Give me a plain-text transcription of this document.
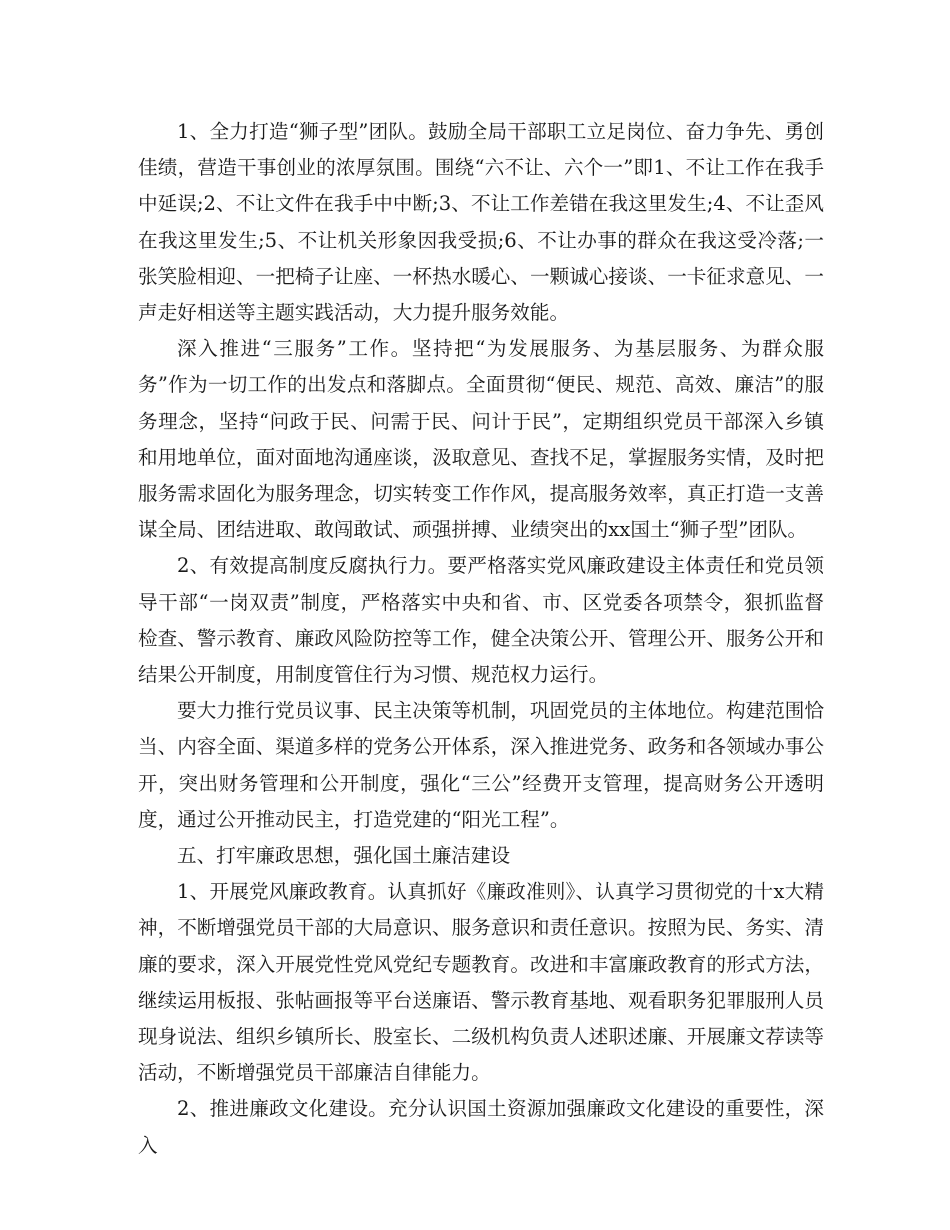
1、全力打造“狮子型”团队。鼓励全局干部职工立足岗位、奋力争先、勇创佳绩，营造干事创业的浓厚氛围。围绕“六不让、六个一”即1、不让工作在我手中延误;2、不让文件在我手中中断;3、不让工作差错在我这里发生;4、不让歪风在我这里发生;5、不让机关形象因我受损;6、不让办事的群众在我这受冷落;一张笑脸相迎、一把椅子让座、一杯热水暖心、一颗诚心接谈、一卡征求意见、一声走好相送等主题实践活动，大力提升服务效能。

深入推进“三服务”工作。坚持把“为发展服务、为基层服务、为群众服务”作为一切工作的出发点和落脚点。全面贯彻“便民、规范、高效、廉洁”的服务理念，坚持“问政于民、问需于民、问计于民”，定期组织党员干部深入乡镇和用地单位，面对面地沟通座谈，汲取意见、查找不足，掌握服务实情，及时把服务需求固化为服务理念，切实转变工作作风，提高服务效率，真正打造一支善谋全局、团结进取、敢闯敢试、顽强拼搏、业绩突出的xx国土“狮子型”团队。

2、有效提高制度反腐执行力。要严格落实党风廉政建设主体责任和党员领导干部“一岗双责”制度，严格落实中央和省、市、区党委各项禁令，狠抓监督检查、警示教育、廉政风险防控等工作，健全决策公开、管理公开、服务公开和结果公开制度，用制度管住行为习惯、规范权力运行。

要大力推行党员议事、民主决策等机制，巩固党员的主体地位。构建范围恰当、内容全面、渠道多样的党务公开体系，深入推进党务、政务和各领域办事公开，突出财务管理和公开制度，强化“三公”经费开支管理，提高财务公开透明度，通过公开推动民主，打造党建的“阳光工程”。

五、打牢廉政思想，强化国土廉洁建设

1、开展党风廉政教育。认真抓好《廉政准则》、认真学习贯彻党的十x大精神，不断增强党员干部的大局意识、服务意识和责任意识。按照为民、务实、清廉的要求，深入开展党性党风党纪专题教育。改进和丰富廉政教育的形式方法，继续运用板报、张帖画报等平台送廉语、警示教育基地、观看职务犯罪服刑人员现身说法、组织乡镇所长、股室长、二级机构负责人述职述廉、开展廉文荐读等活动，不断增强党员干部廉洁自律能力。

2、推进廉政文化建设。充分认识国土资源加强廉政文化建设的重要性，深入
